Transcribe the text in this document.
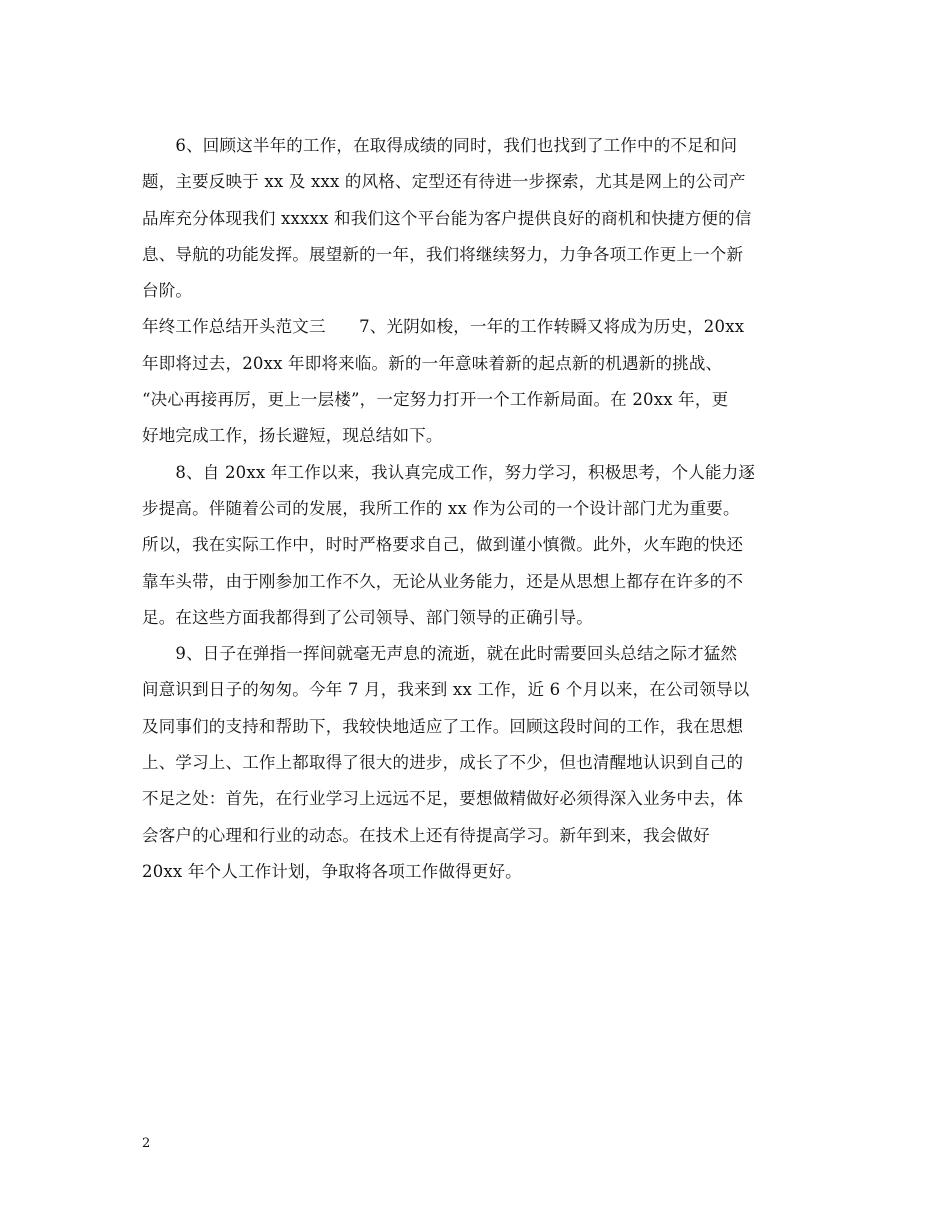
　　6、回顾这半年的工作，在取得成绩的同时，我们也找到了工作中的不足和问
题，主要反映于 xx 及 xxx 的风格、定型还有待进一步探索，尤其是网上的公司产
品库充分体现我们 xxxxx 和我们这个平台能为客户提供良好的商机和快捷方便的信
息、导航的功能发挥。展望新的一年，我们将继续努力，力争各项工作更上一个新
台阶。
年终工作总结开头范文三　　7、光阴如梭，一年的工作转瞬又将成为历史，20xx
年即将过去，20xx 年即将来临。新的一年意味着新的起点新的机遇新的挑战、
“决心再接再厉，更上一层楼”，一定努力打开一个工作新局面。在 20xx 年，更
好地完成工作，扬长避短，现总结如下。
　　8、自 20xx 年工作以来，我认真完成工作，努力学习，积极思考，个人能力逐
步提高。伴随着公司的发展，我所工作的 xx 作为公司的一个设计部门尤为重要。
所以，我在实际工作中，时时严格要求自己，做到谨小慎微。此外，火车跑的快还
靠车头带，由于刚参加工作不久，无论从业务能力，还是从思想上都存在许多的不
足。在这些方面我都得到了公司领导、部门领导的正确引导。
　　9、日子在弹指一挥间就毫无声息的流逝，就在此时需要回头总结之际才猛然
间意识到日子的匆匆。今年 7 月，我来到 xx 工作，近 6 个月以来，在公司领导以
及同事们的支持和帮助下，我较快地适应了工作。回顾这段时间的工作，我在思想
上、学习上、工作上都取得了很大的进步，成长了不少，但也清醒地认识到自己的
不足之处：首先，在行业学习上远远不足，要想做精做好必须得深入业务中去，体
会客户的心理和行业的动态。在技术上还有待提高学习。新年到来，我会做好
20xx 年个人工作计划，争取将各项工作做得更好。
2
